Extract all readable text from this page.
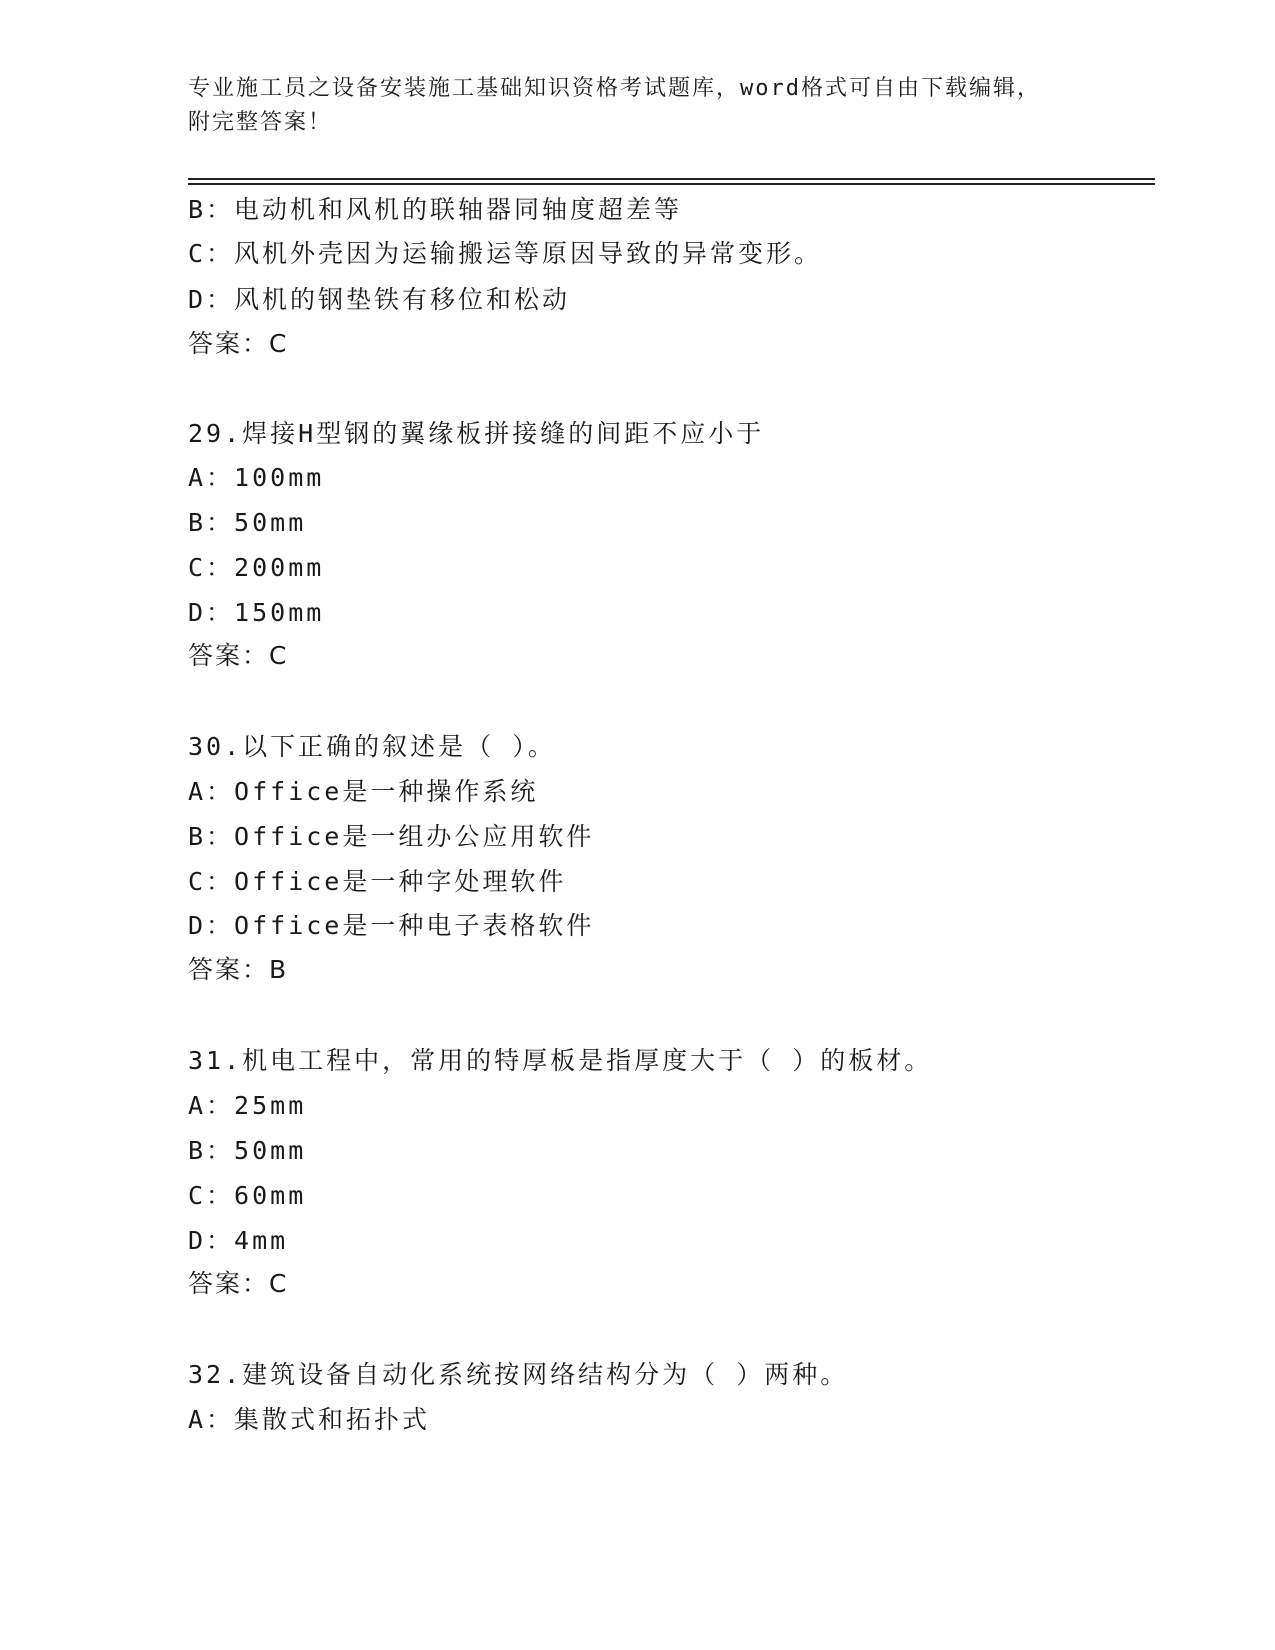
专业施工员之设备安装施工基础知识资格考试题库，word格式可自由下载编辑，
附完整答案！
B：电动机和风机的联轴器同轴度超差等
C：风机外壳因为运输搬运等原因导致的异常变形。
D：风机的钢垫铁有移位和松动
答案：C
29.焊接H型钢的翼缘板拼接缝的间距不应小于
A：100mm
B：50mm
C：200mm
D：150mm
答案：C
30.以下正确的叙述是（ ）。
A：Office是一种操作系统
B：Office是一组办公应用软件
C：Office是一种字处理软件
D：Office是一种电子表格软件
答案：B
31.机电工程中，常用的特厚板是指厚度大于（ ）的板材。
A：25mm
B：50mm
C：60mm
D：4mm
答案：C
32.建筑设备自动化系统按网络结构分为（ ）两种。
A：集散式和拓扑式
